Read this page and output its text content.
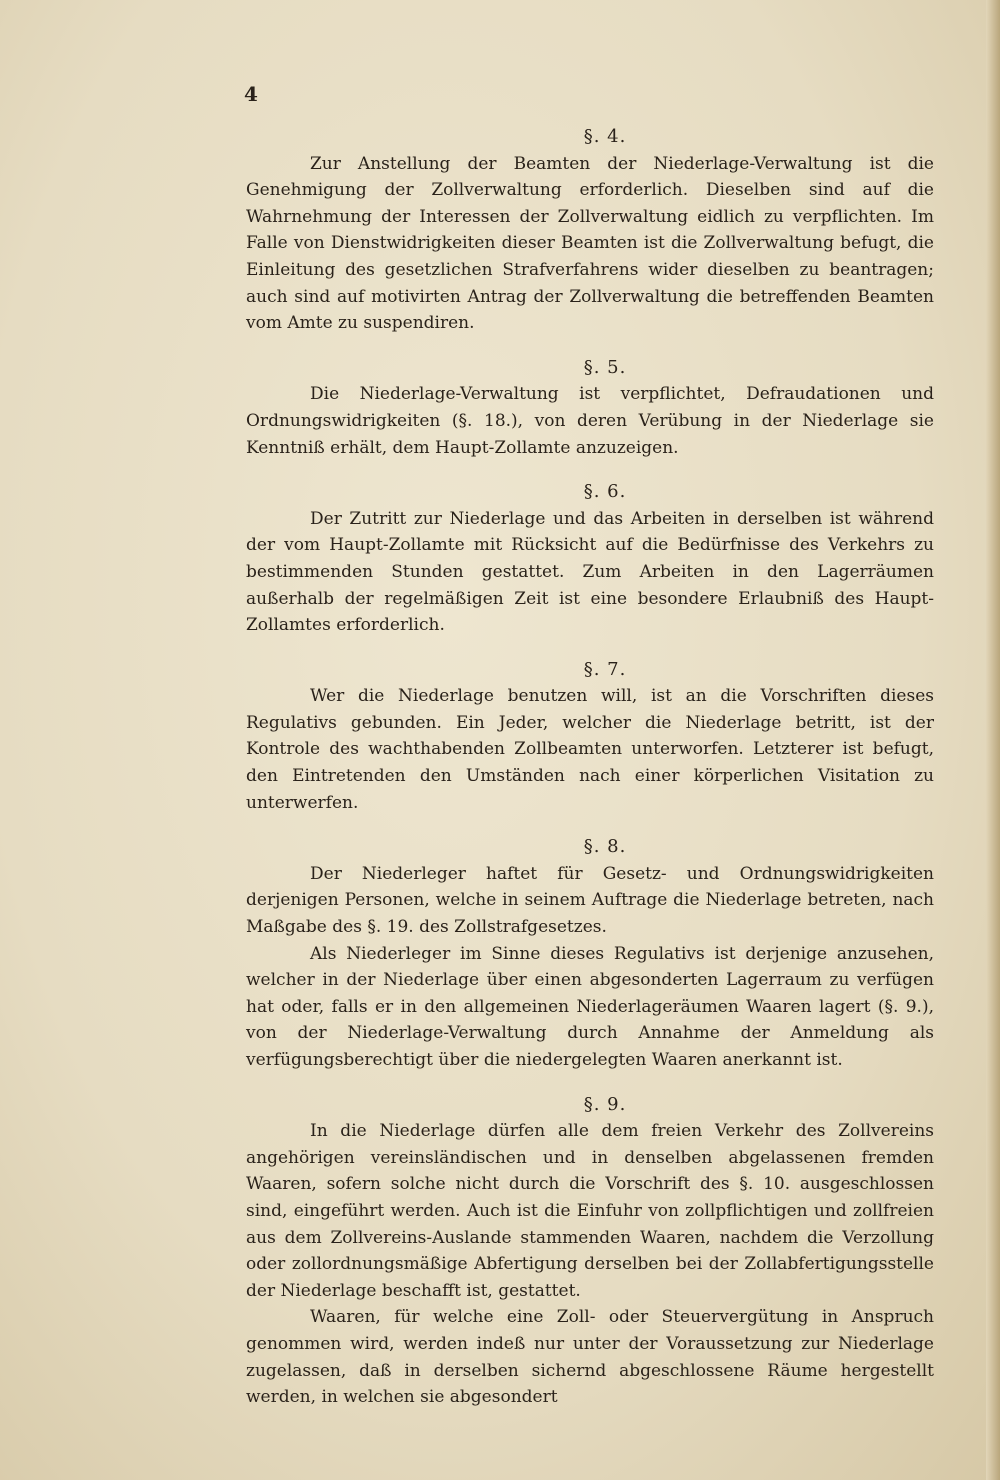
4

§. 4.

Zur Anstellung der Beamten der Niederlage-Verwaltung ist die Genehmigung der Zollverwaltung erforderlich. Dieselben sind auf die Wahrnehmung der Interessen der Zollverwaltung eidlich zu verpflichten. Im Falle von Dienstwidrigkeiten dieser Beamten ist die Zollverwaltung befugt, die Einleitung des gesetzlichen Strafverfahrens wider dieselben zu beantragen; auch sind auf motivirten Antrag der Zollverwaltung die betreffenden Beamten vom Amte zu suspendiren.

§. 5.

Die Niederlage-Verwaltung ist verpflichtet, Defraudationen und Ordnungswidrigkeiten (§. 18.), von deren Verübung in der Niederlage sie Kenntniß erhält, dem Haupt-Zollamte anzuzeigen.

§. 6.

Der Zutritt zur Niederlage und das Arbeiten in derselben ist während der vom Haupt-Zollamte mit Rücksicht auf die Bedürfnisse des Verkehrs zu bestimmenden Stunden gestattet. Zum Arbeiten in den Lagerräumen außerhalb der regelmäßigen Zeit ist eine besondere Erlaubniß des Haupt-Zollamtes erforderlich.

§. 7.

Wer die Niederlage benutzen will, ist an die Vorschriften dieses Regulativs gebunden. Ein Jeder, welcher die Niederlage betritt, ist der Kontrole des wachthabenden Zollbeamten unterworfen. Letzterer ist befugt, den Eintretenden den Umständen nach einer körperlichen Visitation zu unterwerfen.

§. 8.

Der Niederleger haftet für Gesetz- und Ordnungswidrigkeiten derjenigen Personen, welche in seinem Auftrage die Niederlage betreten, nach Maßgabe des §. 19. des Zollstrafgesetzes.

Als Niederleger im Sinne dieses Regulativs ist derjenige anzusehen, welcher in der Niederlage über einen abgesonderten Lagerraum zu verfügen hat oder, falls er in den allgemeinen Niederlageräumen Waaren lagert (§. 9.), von der Niederlage-Verwaltung durch Annahme der Anmeldung als verfügungsberechtigt über die niedergelegten Waaren anerkannt ist.

§. 9.

In die Niederlage dürfen alle dem freien Verkehr des Zollvereins angehörigen vereinsländischen und in denselben abgelassenen fremden Waaren, sofern solche nicht durch die Vorschrift des §. 10. ausgeschlossen sind, eingeführt werden. Auch ist die Einfuhr von zollpflichtigen und zollfreien aus dem Zollvereins-Auslande stammenden Waaren, nachdem die Verzollung oder zollordnungsmäßige Abfertigung derselben bei der Zollabfertigungsstelle der Niederlage beschafft ist, gestattet.

Waaren, für welche eine Zoll- oder Steuervergütung in Anspruch genommen wird, werden indeß nur unter der Voraussetzung zur Niederlage zugelassen, daß in derselben sichernd abgeschlossene Räume hergestellt werden, in welchen sie abgesondert
